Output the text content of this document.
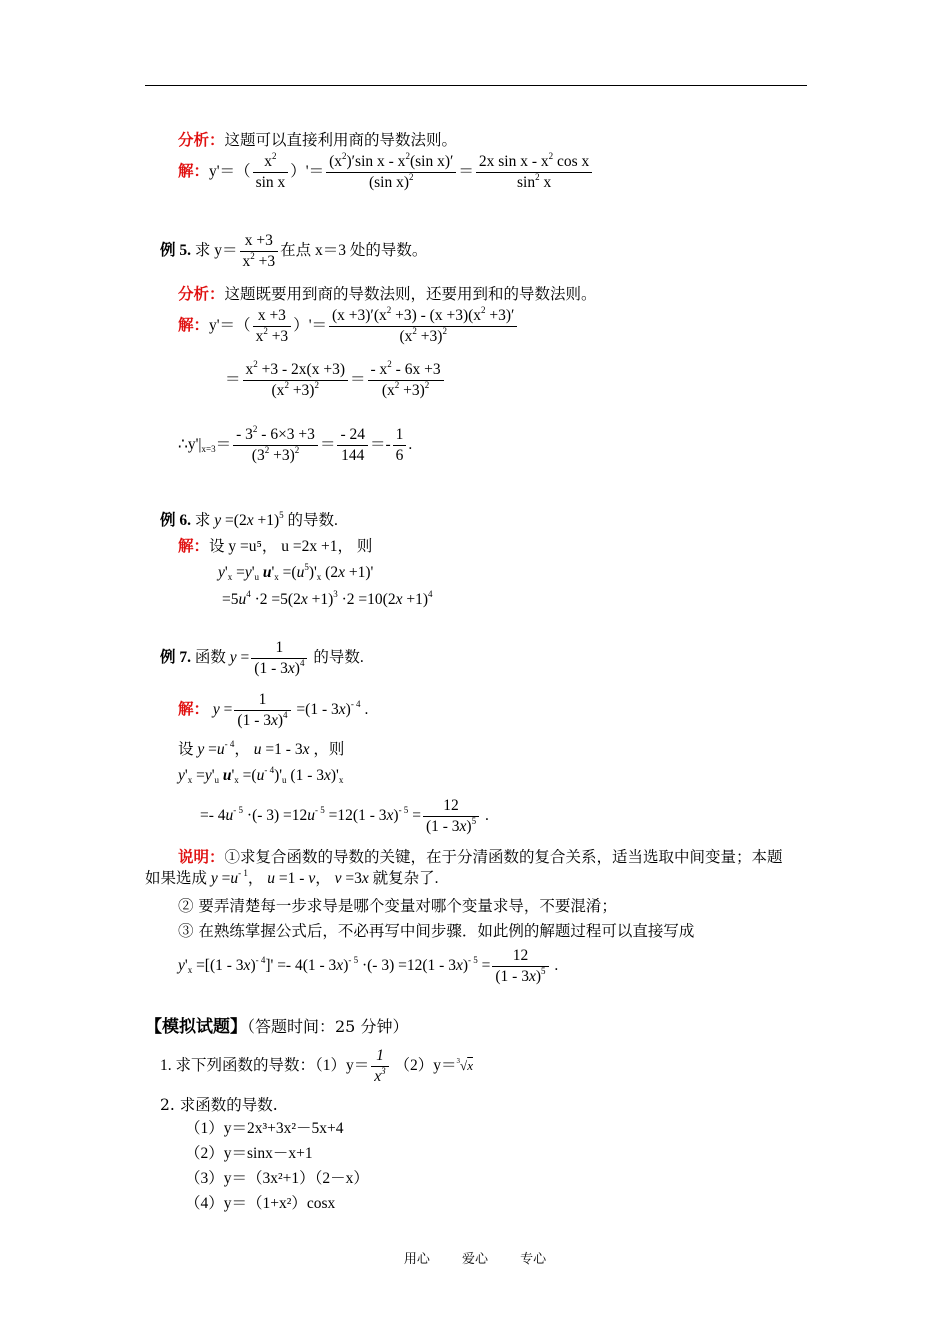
分析：这题可以直接利用商的导数法则。
解：$y'=( \frac{x^2}{\text{sin x}}$ ）'＝ $\frac{(x^2)'\sin x - x^2(\sin x)'}{(\sin x)^2} = \frac{2x \sin x - x^2 \cos x}{\sin^2 x}$
例 5. 求 $y= \frac{x +3}{x^2 +3}$ 在点 x＝3 处的导数。
分析：这题既要用到商的导数法则，还要用到和的导数法则。
解：$y'=( \frac{x +3}{x^2 +3}$ ）'＝ $\frac{(x +3)'(x^2 +3) - (x +3)(x^2 +3)'}{(x^2 +3)^2}$
＝ $\frac{x^2 +3 - 2x(x +3)}{(x^2 +3)^2} = \frac{- x^2 - 6x +3}{(x^2 +3)^2}$
$\therefore y'|_{x=3}= \frac{- 3^2 - 6\times 3 +3}{(3^2 +3)^2} = \frac{- 24}{144} =- \frac{1}{6}$ .
例 6. 求 $y =(2x +1)^5$ 的导数.
解：设 y =u⁵， u =2x +1， 则
$y'_x =y'_u$ $u'_x =(u^5)'_x$ (2x +1)'
$=5u^4 \cdot 2 =5(2x +1)^3 \cdot 2 =10(2x +1)^4$
例 7. 函数 $y = \frac{1}{(1 - 3x)^4}$ 的导数.
解： $y = \frac{1}{(1 - 3x)^4} =(1 - 3x)^{- 4}$ .
设 $y =u^{- 4}$， u =1 - 3x ，则
$y'_x =y'_u$ $u'_x =(u^{- 4})'_u$ $(1 - 3x)'_x$
=- $4u^{- 5}$ ·(- $3) =12u^{- 5} =12(1 - 3x)^{- 5} = \frac{12}{(1 - 3x)^5}$ .
说明：①求复合函数的导数的关键，在于分清函数的复合关系，适当选取中间变量；本题
如果选成 $y =u^{- 1}$， u =1 - v， v =3x 就复杂了.
② 要弄清楚每一步求导是哪个变量对哪个变量求导，不要混淆；
③ 在熟练掌握公式后，不必再写中间步骤．如此例的解题过程可以直接写成
$y'_x =[(1 - 3x)^{- 4}]' =- 4(1 - 3x)^{- 5}$ ·(- $3) =12(1 - 3x)^{- 5} = \frac{12}{(1 - 3x)^5}$ .
【模拟试题】（答题时间：25 分钟）
1. 求下列函数的导数：$(1)y= \frac{1}{x^3} (2)y=^3√x$
2. 求函数的导数.
（1）y＝2x³+3x²－5x+4
（2）y＝sinx－x+1
（3）y＝（3x²+1）（2－x）
（4）y＝（1+x²）cosx
用心 爱心 专心
